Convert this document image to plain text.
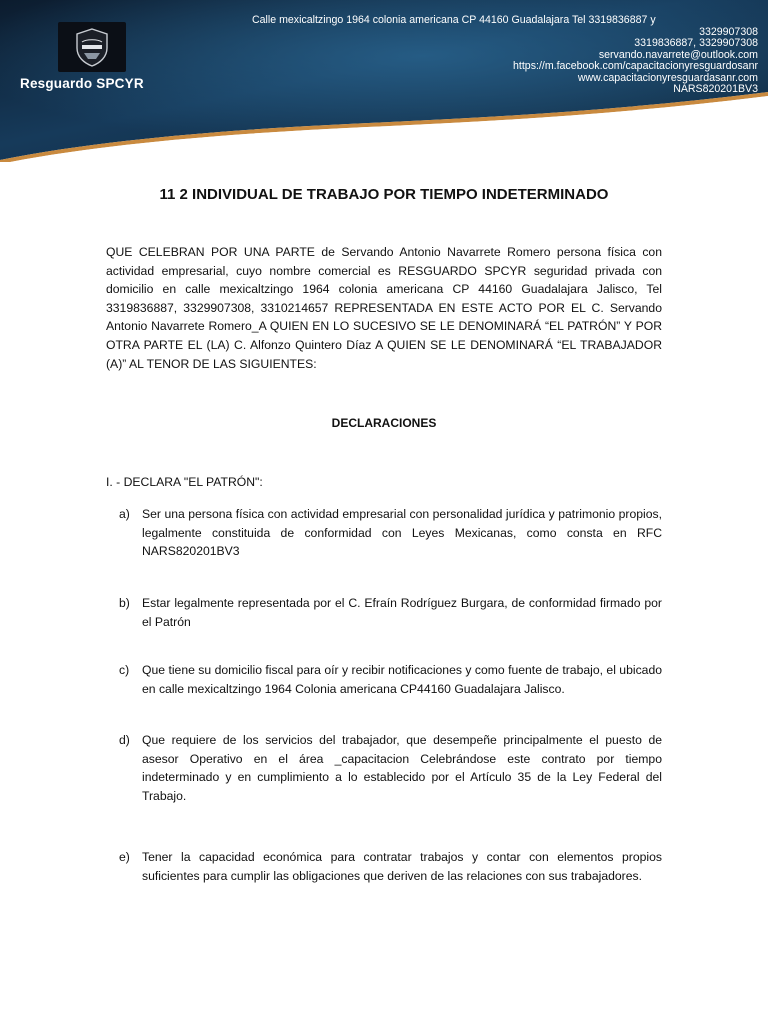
Resguardo SPCYR
Calle mexicaltzingo 1964 colonia americana CP 44160 Guadalajara Tel 3319836887 y
3329907308
3319836887, 3329907308
servando.navarrete@outlook.com
https://m.facebook.com/capacitacionyresguardosanr
www.capacitacionyresguardasanr.com
NARS820201BV3
11 2 INDIVIDUAL DE TRABAJO POR TIEMPO INDETERMINADO
QUE CELEBRAN POR UNA PARTE de Servando Antonio Navarrete Romero persona física con actividad empresarial, cuyo nombre comercial es RESGUARDO SPCYR seguridad privada con domicilio en calle mexicaltzingo 1964 colonia americana CP 44160 Guadalajara Jalisco, Tel 3319836887, 3329907308, 3310214657 REPRESENTADA EN ESTE ACTO POR EL C. Servando Antonio Navarrete Romero_A QUIEN EN LO SUCESIVO SE LE DENOMINARÁ “EL PATRÓN” Y POR OTRA PARTE EL (LA) C. Alfonzo Quintero Díaz A QUIEN SE LE DENOMINARÁ “EL TRABAJADOR (A)” AL TENOR DE LAS SIGUIENTES:
DECLARACIONES
I. - DECLARA "EL PATRÓN":
a) Ser una persona física con actividad empresarial con personalidad jurídica y patrimonio propios, legalmente constituida de conformidad con Leyes Mexicanas, como consta en RFC NARS820201BV3
b) Estar legalmente representada por el C. Efraín Rodríguez Burgara, de conformidad firmado por el Patrón
c) Que tiene su domicilio fiscal para oír y recibir notificaciones y como fuente de trabajo, el ubicado en calle mexicaltzingo 1964 Colonia americana CP44160 Guadalajara Jalisco.
d) Que requiere de los servicios del trabajador, que desempeñe principalmente el puesto de asesor Operativo en el área _capacitacion Celebrándose este contrato por tiempo indeterminado y en cumplimiento a lo establecido por el Artículo 35 de la Ley Federal del Trabajo.
e) Tener la capacidad económica para contratar trabajos y contar con elementos propios suficientes para cumplir las obligaciones que deriven de las relaciones con sus trabajadores.
